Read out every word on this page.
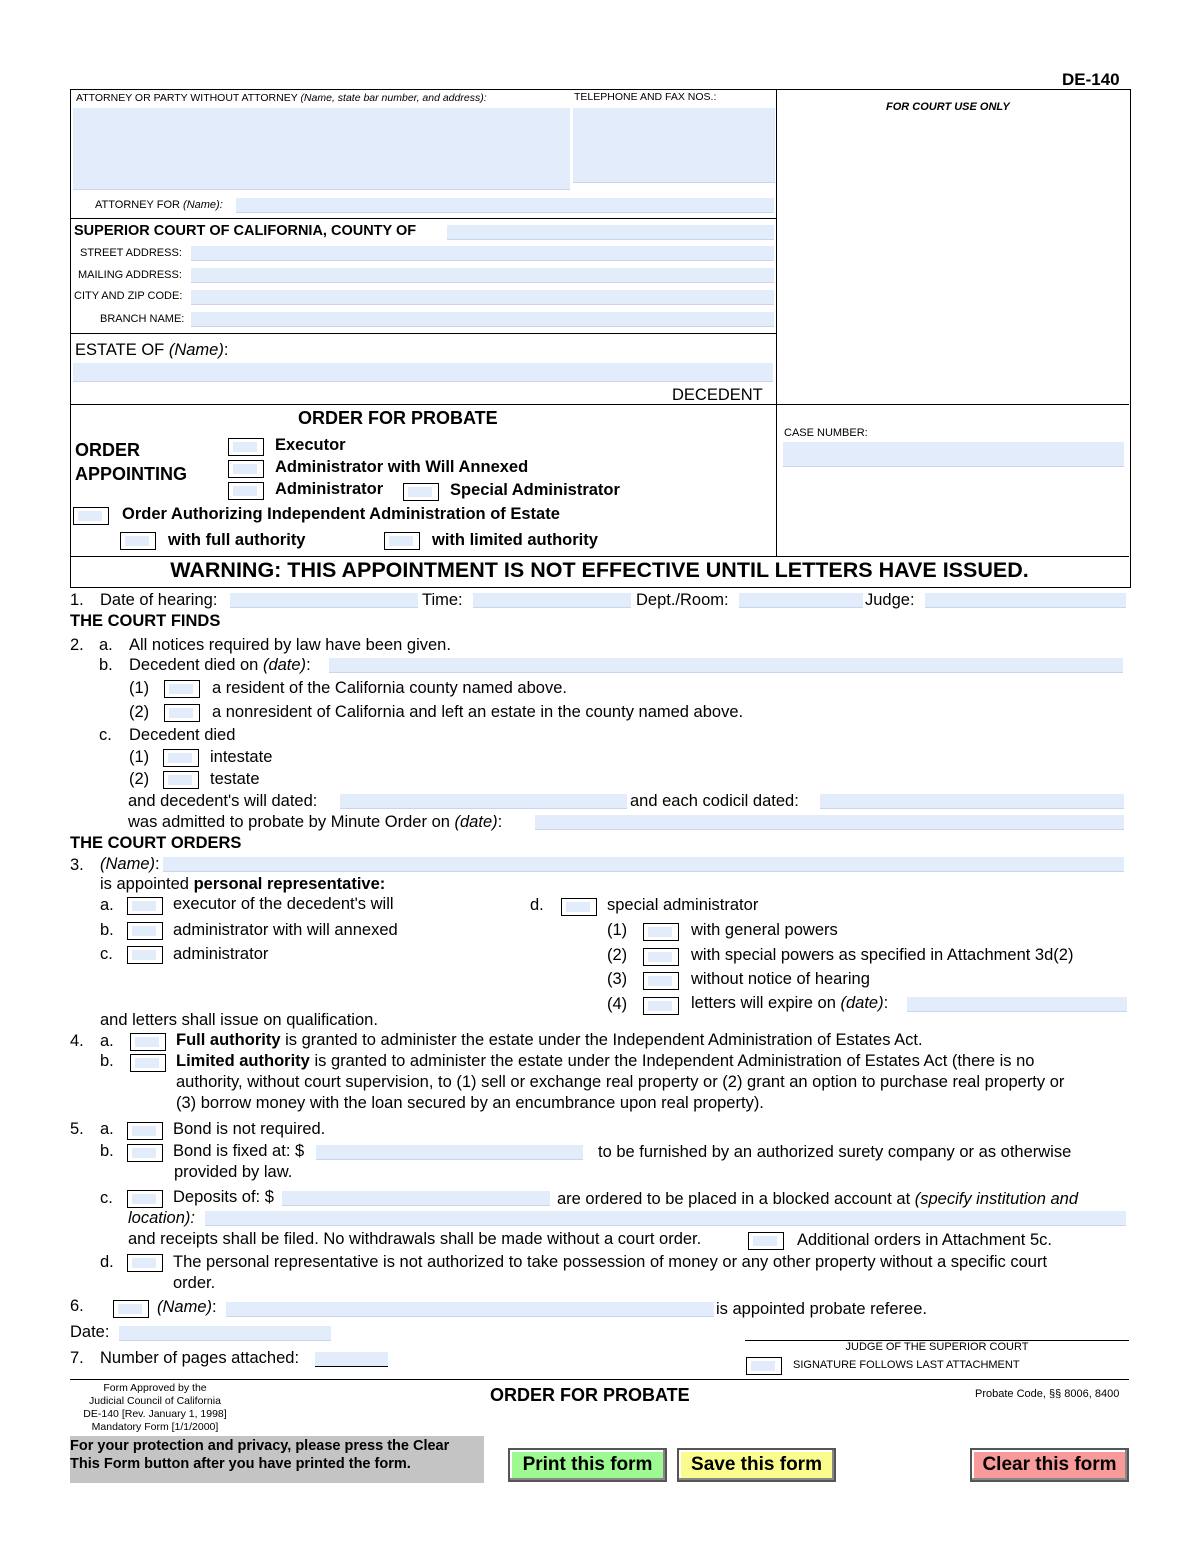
DE-140
ATTORNEY OR PARTY WITHOUT ATTORNEY (Name, state bar number, and address):	TELEPHONE AND FAX NOS.:
FOR COURT USE ONLY
ATTORNEY FOR (Name):
SUPERIOR COURT OF CALIFORNIA, COUNTY OF
STREET ADDRESS:
MAILING ADDRESS:
CITY AND ZIP CODE:
BRANCH NAME:
ESTATE OF (Name):
DECEDENT
CASE NUMBER:
ORDER FOR PROBATE
ORDER
APPOINTING
Executor
Administrator with Will Annexed
Administrator	Special Administrator
Order Authorizing Independent Administration of Estate
with full authority	with limited authority
WARNING: THIS APPOINTMENT IS NOT EFFECTIVE UNTIL LETTERS HAVE ISSUED.
1. Date of hearing:	Time:	Dept./Room:	Judge:
THE COURT FINDS
2. a. All notices required by law have been given.
b. Decedent died on (date):
(1)	a resident of the California county named above.
(2)	a nonresident of California and left an estate in the county named above.
c. Decedent died
(1)	intestate
(2)	testate
and decedent's will dated:	and each codicil dated:
was admitted to probate by Minute Order on (date):
THE COURT ORDERS
3. (Name):
is appointed personal representative:
a.	executor of the decedent's will
b.	administrator with will annexed
c.	administrator
d.	special administrator
(1)	with general powers
(2)	with special powers as specified in Attachment 3d(2)
(3)	without notice of hearing
(4)	letters will expire on (date):
and letters shall issue on qualification.
4. a.	Full authority is granted to administer the estate under the Independent Administration of Estates Act.
b.	Limited authority is granted to administer the estate under the Independent Administration of Estates Act (there is no
authority, without court supervision, to (1) sell or exchange real property or (2) grant an option to purchase real property or
(3) borrow money with the loan secured by an encumbrance upon real property).
5. a.	Bond is not required.
b.	Bond is fixed at: $	to be furnished by an authorized surety company or as otherwise
provided by law.
c.	Deposits of: $	are ordered to be placed in a blocked account at (specify institution and
location):
and receipts shall be filed. No withdrawals shall be made without a court order.	Additional orders in Attachment 5c.
d.	The personal representative is not authorized to take possession of money or any other property without a specific court
order.
6.	(Name):	is appointed probate referee.
Date:
JUDGE OF THE SUPERIOR COURT
SIGNATURE FOLLOWS LAST ATTACHMENT
7. Number of pages attached:
Form Approved by the
Judicial Council of California
DE-140 [Rev. January 1, 1998]
Mandatory Form [1/1/2000]
ORDER FOR PROBATE	Probate Code, §§ 8006, 8400
For your protection and privacy, please press the Clear
This Form button after you have printed the form.	Print this form	Save this form	Clear this form
